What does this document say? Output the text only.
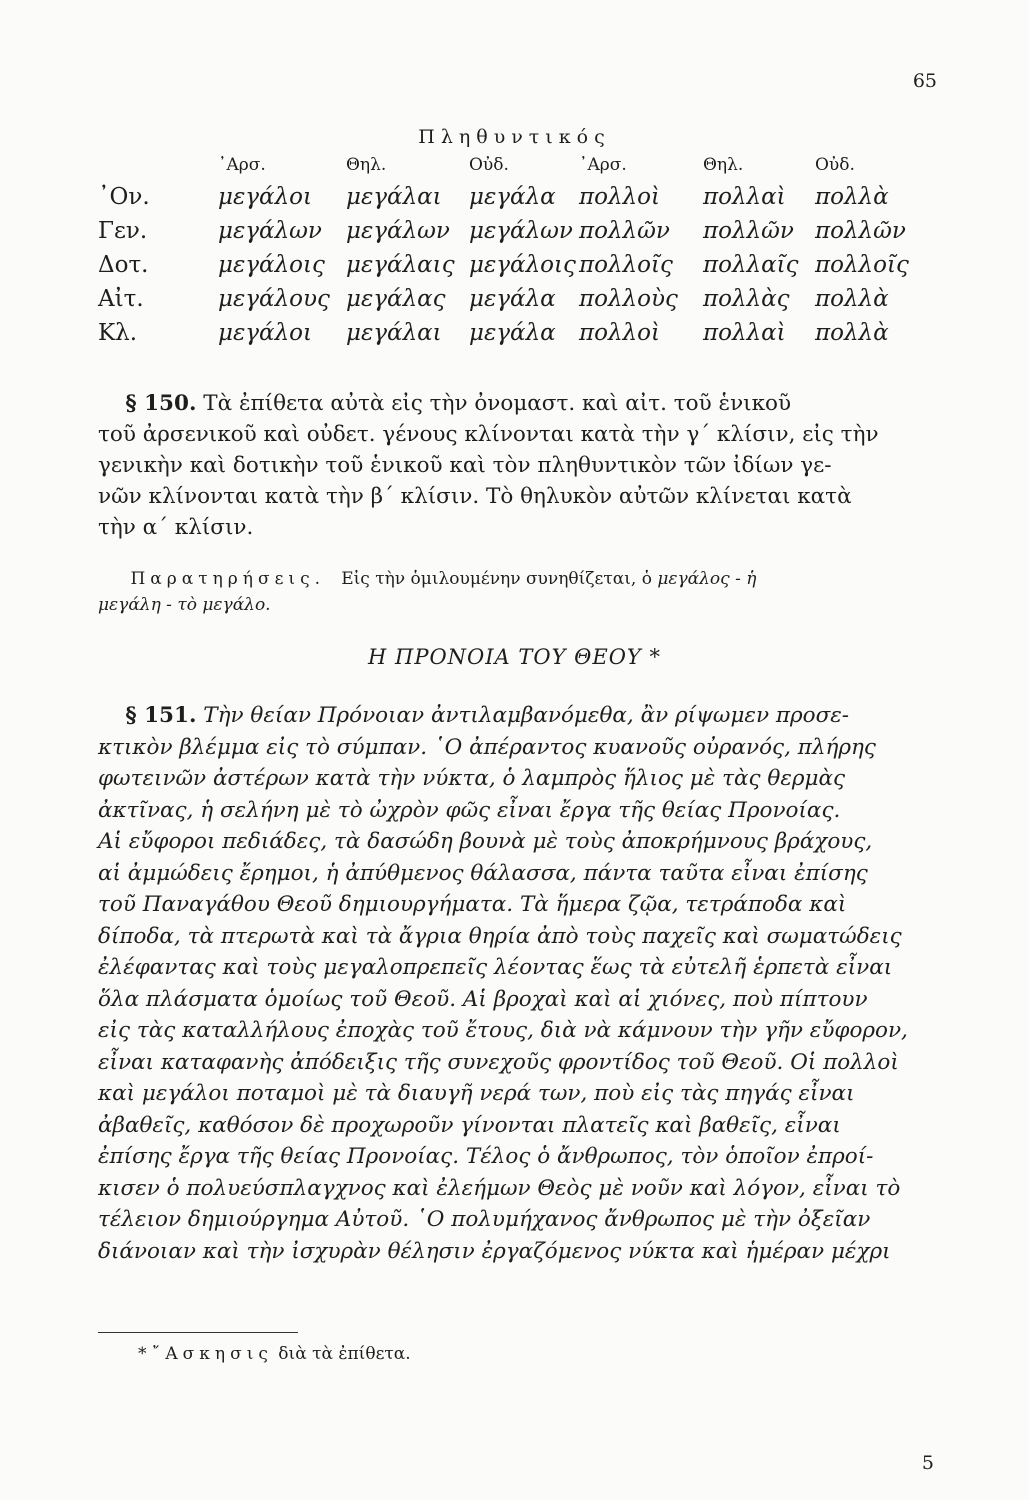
65
Πληθυντικός
	᾿Αρσ.	Θηλ.	Οὐδ.	᾿Αρσ.	Θηλ.	Οὐδ.
᾿Ον.	μεγάλοι	μεγάλαι	μεγάλα	πολλοὶ	πολλαὶ	πολλὰ
Γεν.	μεγάλων	μεγάλων	μεγάλων	πολλῶν	πολλῶν	πολλῶν
Δοτ.	μεγάλοις	μεγάλαις	μεγάλοις	πολλοῖς	πολλαῖς	πολλοῖς
Αἰτ.	μεγάλους	μεγάλας	μεγάλα	πολλοὺς	πολλὰς	πολλὰ
Κλ.	μεγάλοι	μεγάλαι	μεγάλα	πολλοὶ	πολλαὶ	πολλὰ
§ 150. Τὰ ἐπίθετα αὐτὰ εἰς τὴν ὀνομαστ. καὶ αἰτ. τοῦ ἑνικοῦ
τοῦ ἀρσενικοῦ καὶ οὐδετ. γένους κλίνονται κατὰ τὴν γ΄ κλίσιν, εἰς τὴν
γενικὴν καὶ δοτικὴν τοῦ ἑνικοῦ καὶ τὸν πληθυντικὸν τῶν ἰδίων γε-
νῶν κλίνονται κατὰ τὴν β΄ κλίσιν. Τὸ θηλυκὸν αὐτῶν κλίνεται κατὰ
τὴν α΄ κλίσιν.
Παρατηρήσεις. Εἰς τὴν ὁμιλουμένην συνηθίζεται, ὁ μεγάλος - ἡ
μεγάλη - τὸ μεγάλο.
Η ΠΡΟΝΟΙΑ ΤΟΥ ΘΕΟΥ *
§ 151. Τὴν θείαν Πρόνοιαν ἀντιλαμβανόμεθα, ἂν ρίψωμεν προσε-
κτικὸν βλέμμα εἰς τὸ σύμπαν. ῾Ο ἀπέραντος κυανοῦς οὐρανός, πλήρης
φωτεινῶν ἀστέρων κατὰ τὴν νύκτα, ὁ λαμπρὸς ἥλιος μὲ τὰς θερμὰς
ἀκτῖνας, ἡ σελήνη μὲ τὸ ὠχρὸν φῶς εἶναι ἔργα τῆς θείας Προνοίας.
Αἱ εὔφοροι πεδιάδες, τὰ δασώδη βουνὰ μὲ τοὺς ἀποκρήμνους βράχους,
αἱ ἀμμώδεις ἔρημοι, ἡ ἀπύθμενος θάλασσα, πάντα ταῦτα εἶναι ἐπίσης
τοῦ Παναγάθου Θεοῦ δημιουργήματα. Τὰ ἥμερα ζῷα, τετράποδα καὶ
δίποδα, τὰ πτερωτὰ καὶ τὰ ἄγρια θηρία ἀπὸ τοὺς παχεῖς καὶ σωματώδεις
ἐλέφαντας καὶ τοὺς μεγαλοπρεπεῖς λέοντας ἕως τὰ εὐτελῆ ἑρπετὰ εἶναι
ὅλα πλάσματα ὁμοίως τοῦ Θεοῦ. Αἱ βροχαὶ καὶ αἱ χιόνες, ποὺ πίπτουν
εἰς τὰς καταλλήλους ἐποχὰς τοῦ ἔτους, διὰ νὰ κάμνουν τὴν γῆν εὔφορον,
εἶναι καταφανὴς ἀπόδειξις τῆς συνεχοῦς φροντίδος τοῦ Θεοῦ. Οἱ πολλοὶ
καὶ μεγάλοι ποταμοὶ μὲ τὰ διαυγῆ νερά των, ποὺ εἰς τὰς πηγάς εἶναι
ἀβαθεῖς, καθόσον δὲ προχωροῦν γίνονται πλατεῖς καὶ βαθεῖς, εἶναι
ἐπίσης ἔργα τῆς θείας Προνοίας. Τέλος ὁ ἄνθρωπος, τὸν ὁποῖον ἐπροί-
κισεν ὁ πολυεύσπλαγχνος καὶ ἐλεήμων Θεὸς μὲ νοῦν καὶ λόγον, εἶναι τὸ
τέλειον δημιούργημα Αὐτοῦ. ῾Ο πολυμήχανος ἄνθρωπος μὲ τὴν ὀξεῖαν
διάνοιαν καὶ τὴν ἰσχυρὰν θέλησιν ἐργαζόμενος νύκτα καὶ ἡμέραν μέχρι
* ῎Ασκησις διὰ τὰ ἐπίθετα.
5
